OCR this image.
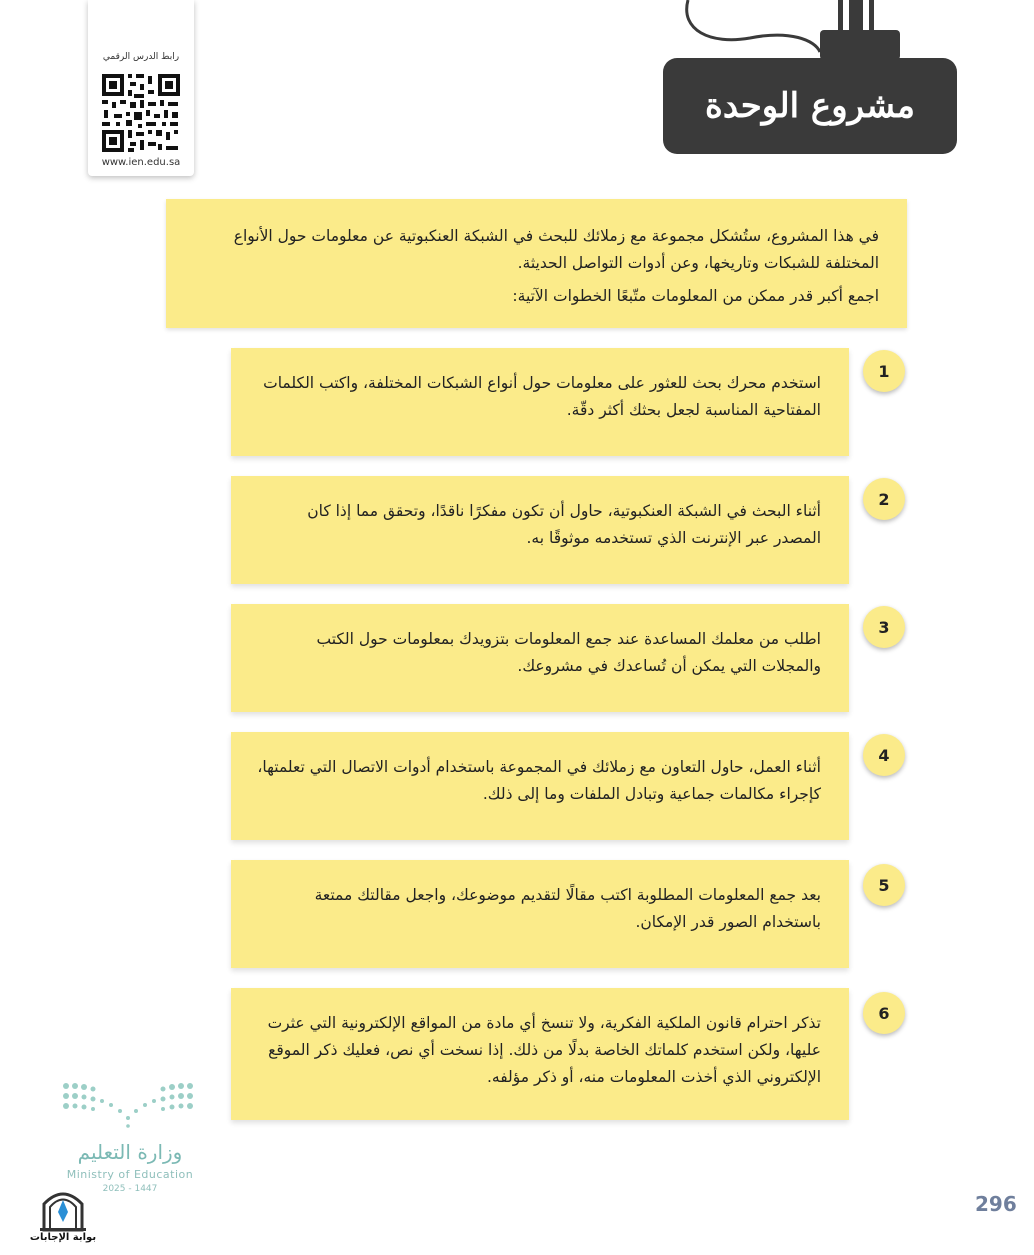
رابط الدرس الرقمي
www.ien.edu.sa
مشروع الوحدة

في هذا المشروع، ستُشكل مجموعة مع زملائك للبحث في الشبكة العنكبوتية عن معلومات حول الأنواع المختلفة للشبكات وتاريخها، وعن أدوات التواصل الحديثة.

اجمع أكبر قدر ممكن من المعلومات متّبعًا الخطوات الآتية:

استخدم محرك بحث للعثور على معلومات حول أنواع الشبكات المختلفة، واكتب الكلمات المفتاحية المناسبة لجعل بحثك أكثر دقّة.
1
أثناء البحث في الشبكة العنكبوتية، حاول أن تكون مفكرًا ناقدًا، وتحقق مما إذا كان المصدر عبر الإنترنت الذي تستخدمه موثوقًا به.
2
اطلب من معلمك المساعدة عند جمع المعلومات بتزويدك بمعلومات حول الكتب والمجلات التي يمكن أن تُساعدك في مشروعك.
3
أثناء العمل، حاول التعاون مع زملائك في المجموعة باستخدام أدوات الاتصال التي تعلمتها، كإجراء مكالمات جماعية وتبادل الملفات وما إلى ذلك.
4
بعد جمع المعلومات المطلوبة اكتب مقالًا لتقديم موضوعك، واجعل مقالتك ممتعة باستخدام الصور قدر الإمكان.
5
تذكر احترام قانون الملكية الفكرية، ولا تنسخ أي مادة من المواقع الإلكترونية التي عثرت عليها، ولكن استخدم كلماتك الخاصة بدلًا من ذلك. إذا نسخت أي نص، فعليك ذكر الموقع الإلكتروني الذي أخذت المعلومات منه، أو ذكر مؤلفه.
6
وزارة التعليم
Ministry of Education
2025 - 1447
بوابة الإجابات
296
